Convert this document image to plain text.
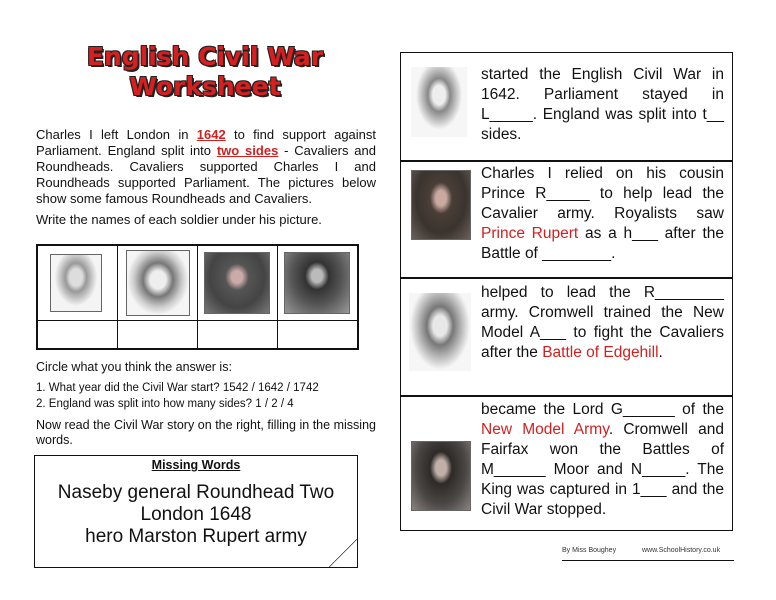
English Civil War
Worksheet
Charles I left London in 1642 to find support against Parliament. England split into two sides - Cavaliers and Roundheads. Cavaliers supported Charles I and Roundheads supported Parliament. The pictures below show some famous Roundheads and Cavaliers.
Write the names of each soldier under his picture.
Circle what you think the answer is:
1. What year did the Civil War start? 1542 / 1642 / 1742
2. England was split into how many sides? 1 / 2 / 4
Now read the Civil War story on the right, filling in the missing words.
Missing Words
Naseby general Roundhead Two
London 1648
hero Marston Rupert army
started the English Civil War in 1642. Parliament stayed in L_____. England was split into t__ sides.
Charles I relied on his cousin Prince R_____ to help lead the Cavalier army. Royalists saw Prince Rupert as a h___ after the Battle of ________.
helped to lead the R________ army. Cromwell trained the New Model A___ to fight the Cavaliers after the Battle of Edgehill.
became the Lord G______ of the New Model Army. Cromwell and Fairfax won the Battles of M______ Moor and N_____. The King was captured in 1___ and the Civil War stopped.
By Miss Boughey	www.SchoolHistory.co.uk
